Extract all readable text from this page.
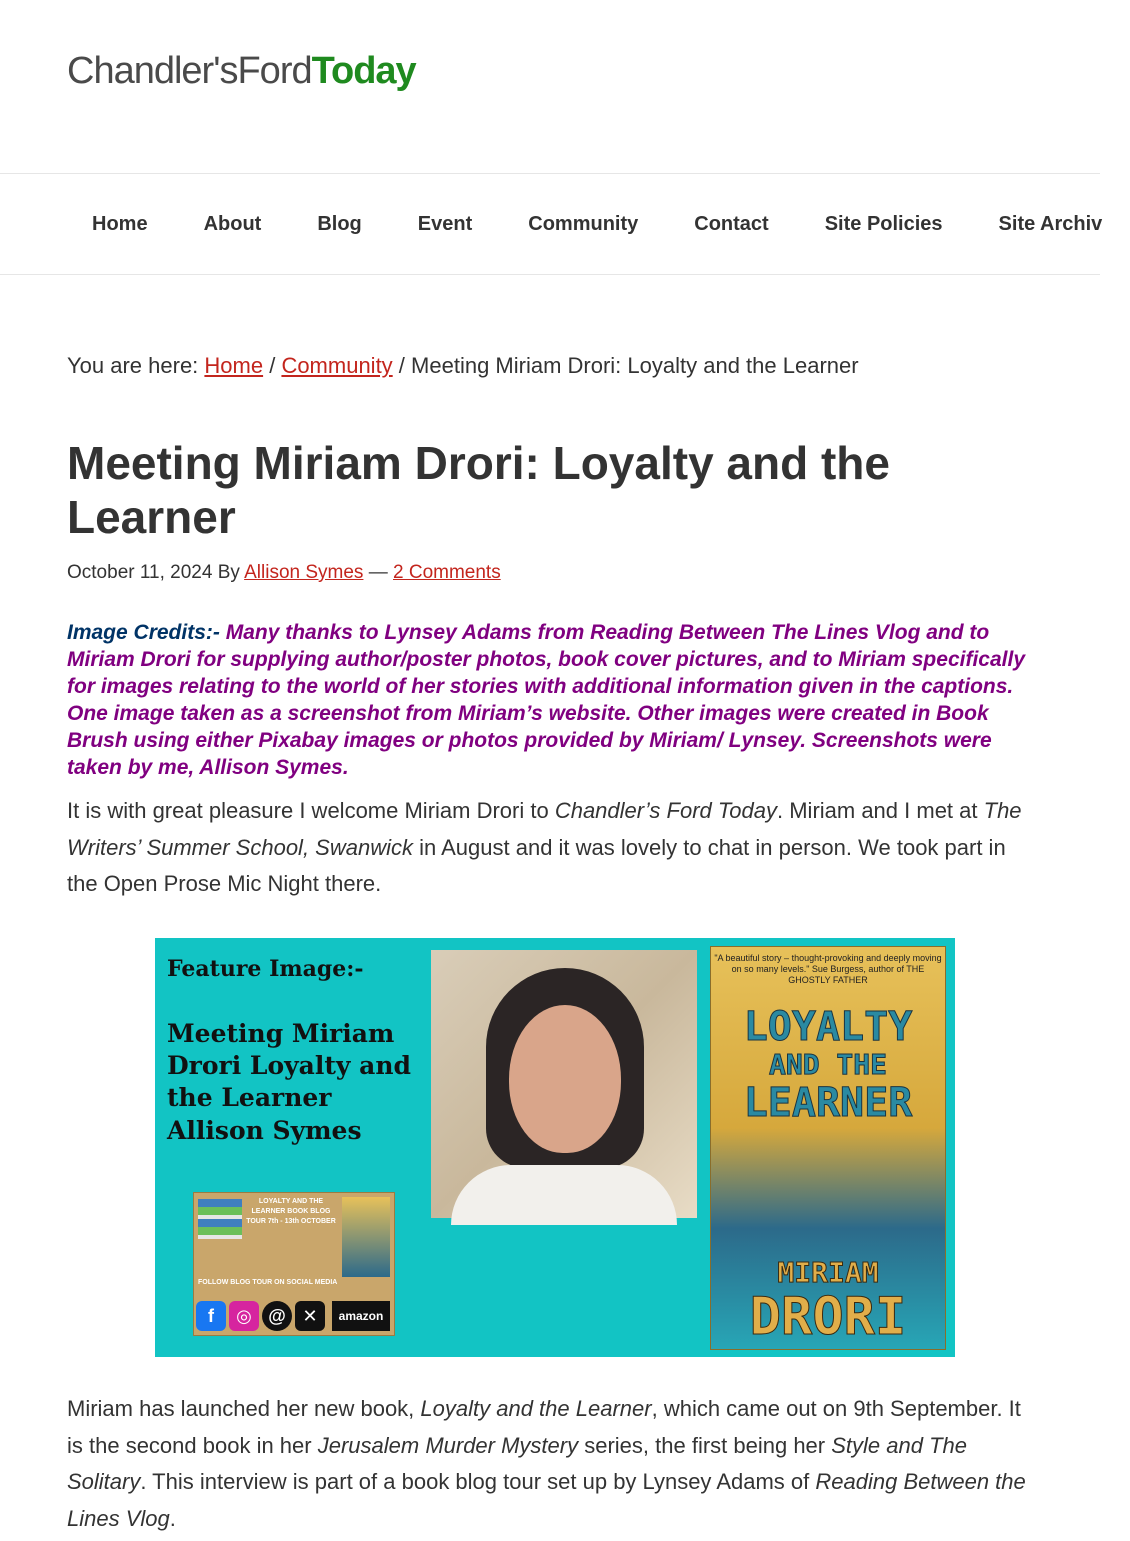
Chandler'sFordToday
Home	About	Blog	Event	Community	Contact	Site Policies	Site Archiv
You are here: Home / Community / Meeting Miriam Drori: Loyalty and the Learner
Meeting Miriam Drori: Loyalty and the Learner
October 11, 2024 By Allison Symes — 2 Comments
Image Credits:- Many thanks to Lynsey Adams from Reading Between The Lines Vlog and to Miriam Drori for supplying author/poster photos, book cover pictures, and to Miriam specifically for images relating to the world of her stories with additional information given in the captions. One image taken as a screenshot from Miriam’s website. Other images were created in Book Brush using either Pixabay images or photos provided by Miriam/ Lynsey. Screenshots were taken by me, Allison Symes.
It is with great pleasure I welcome Miriam Drori to Chandler’s Ford Today. Miriam and I met at The Writers’ Summer School, Swanwick in August and it was lovely to chat in person. We took part in the Open Prose Mic Night there.
Feature Image:-
Meeting Miriam Drori Loyalty and the Learner
Allison Symes
LOYALTY AND THE LEARNER BOOK BLOG TOUR 7th - 13th OCTOBER
FOLLOW BLOG TOUR ON SOCIAL MEDIA
f	◎ @ ✕	amazon
"A beautiful story – thought-provoking and deeply moving on so many levels." Sue Burgess, author of THE GHOSTLY FATHER
LOYALTY
AND THE
LEARNER
MIRIAM
DRORI
A JERUSALEM MURDER MYSTERY
Miriam has launched her new book, Loyalty and the Learner, which came out on 9th September. It is the second book in her Jerusalem Murder Mystery series, the first being her Style and The Solitary. This interview is part of a book blog tour set up by Lynsey Adams of Reading Between the Lines Vlog.
